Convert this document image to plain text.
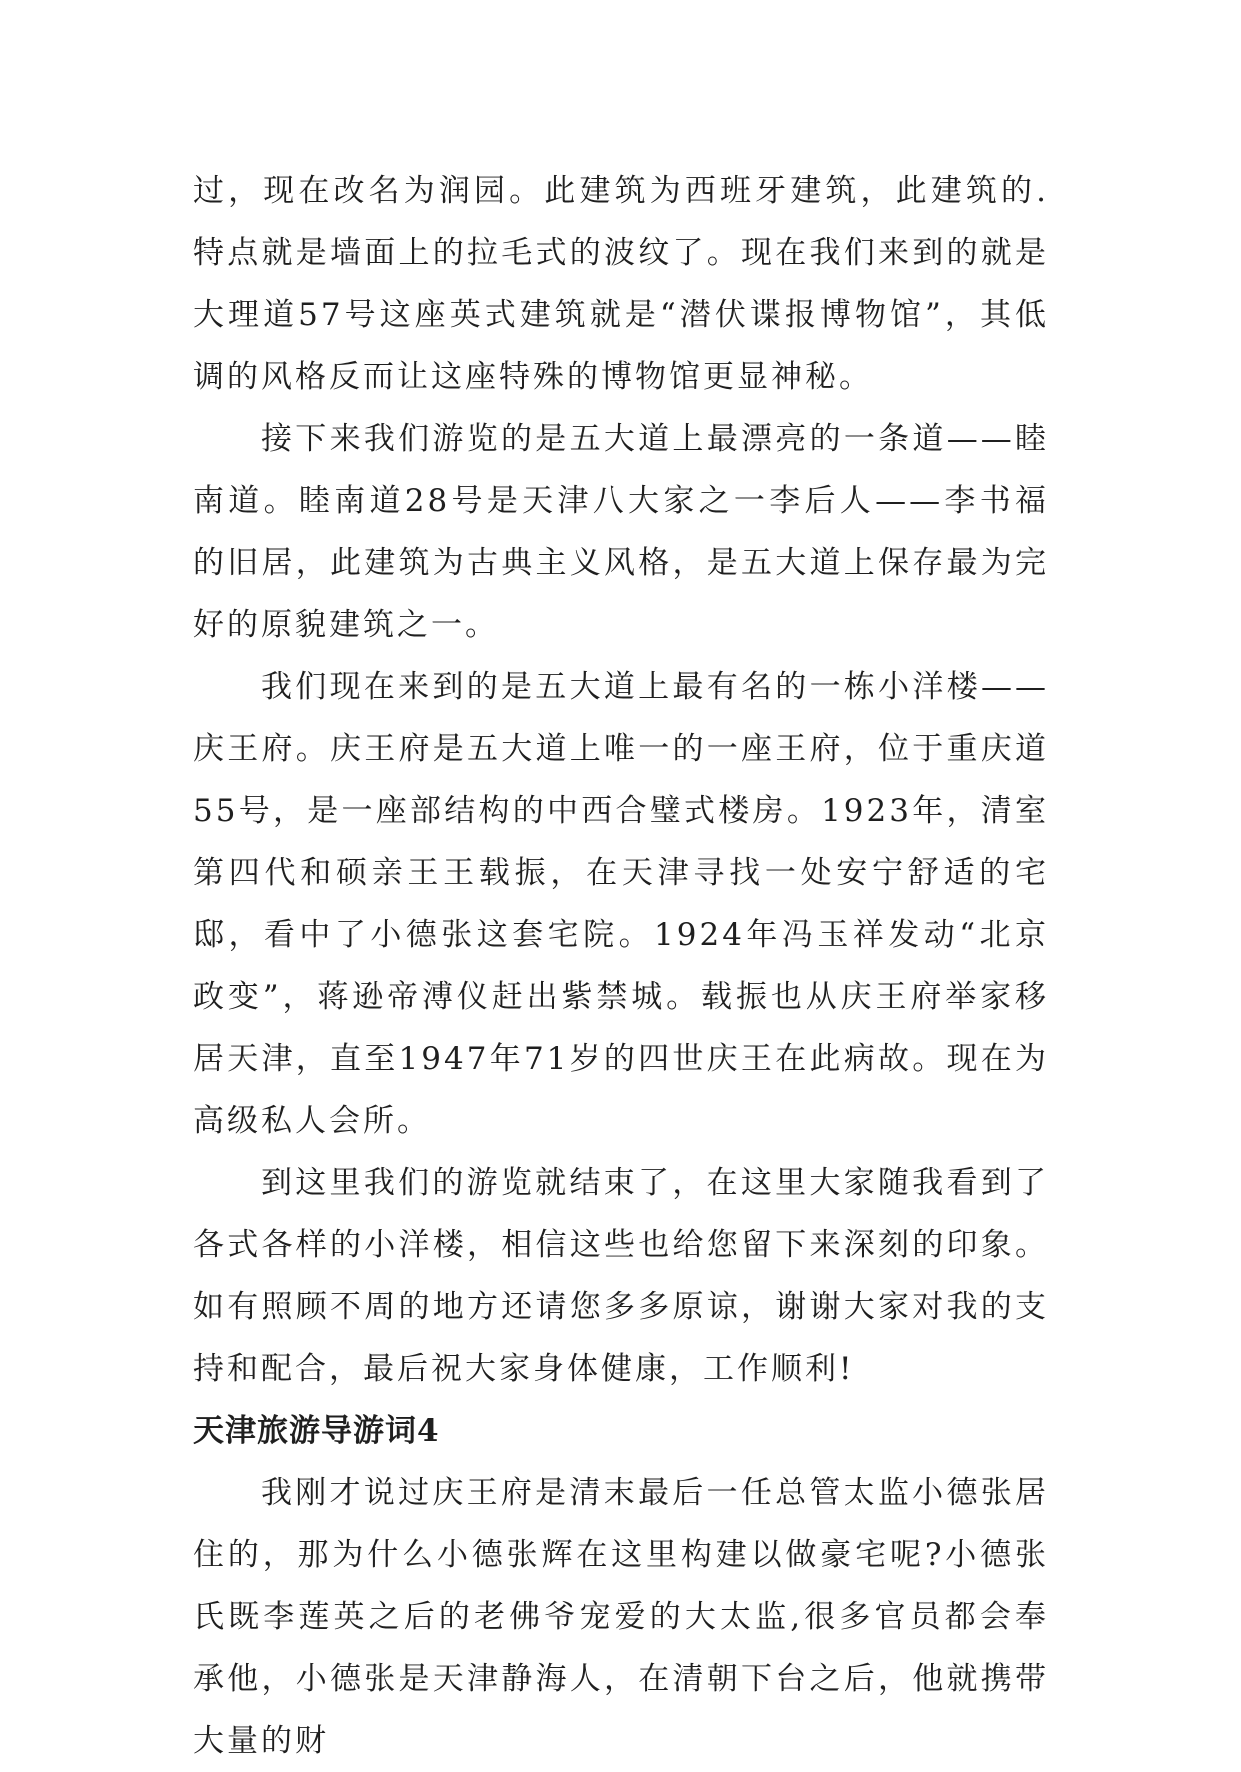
过，现在改名为润园。此建筑为西班牙建筑，此建筑的.特点就是墙面上的拉毛式的波纹了。现在我们来到的就是大理道57号这座英式建筑就是“潜伏谍报博物馆”，其低调的风格反而让这座特殊的博物馆更显神秘。

接下来我们游览的是五大道上最漂亮的一条道——睦南道。睦南道28号是天津八大家之一李后人——李书福的旧居，此建筑为古典主义风格，是五大道上保存最为完好的原貌建筑之一。

我们现在来到的是五大道上最有名的一栋小洋楼——庆王府。庆王府是五大道上唯一的一座王府，位于重庆道55号，是一座部结构的中西合璧式楼房。1923年，清室第四代和硕亲王王载振，在天津寻找一处安宁舒适的宅邸，看中了小德张这套宅院。1924年冯玉祥发动“北京政变”，蒋逊帝溥仪赶出紫禁城。载振也从庆王府举家移居天津，直至1947年71岁的四世庆王在此病故。现在为高级私人会所。

到这里我们的游览就结束了，在这里大家随我看到了各式各样的小洋楼，相信这些也给您留下来深刻的印象。如有照顾不周的地方还请您多多原谅，谢谢大家对我的支持和配合，最后祝大家身体健康，工作顺利!

天津旅游导游词4

我刚才说过庆王府是清末最后一任总管太监小德张居住的，那为什么小德张辉在这里构建以做豪宅呢?小德张氏既李莲英之后的老佛爷宠爱的大太监,很多官员都会奉承他，小德张是天津静海人，在清朝下台之后，他就携带大量的财
